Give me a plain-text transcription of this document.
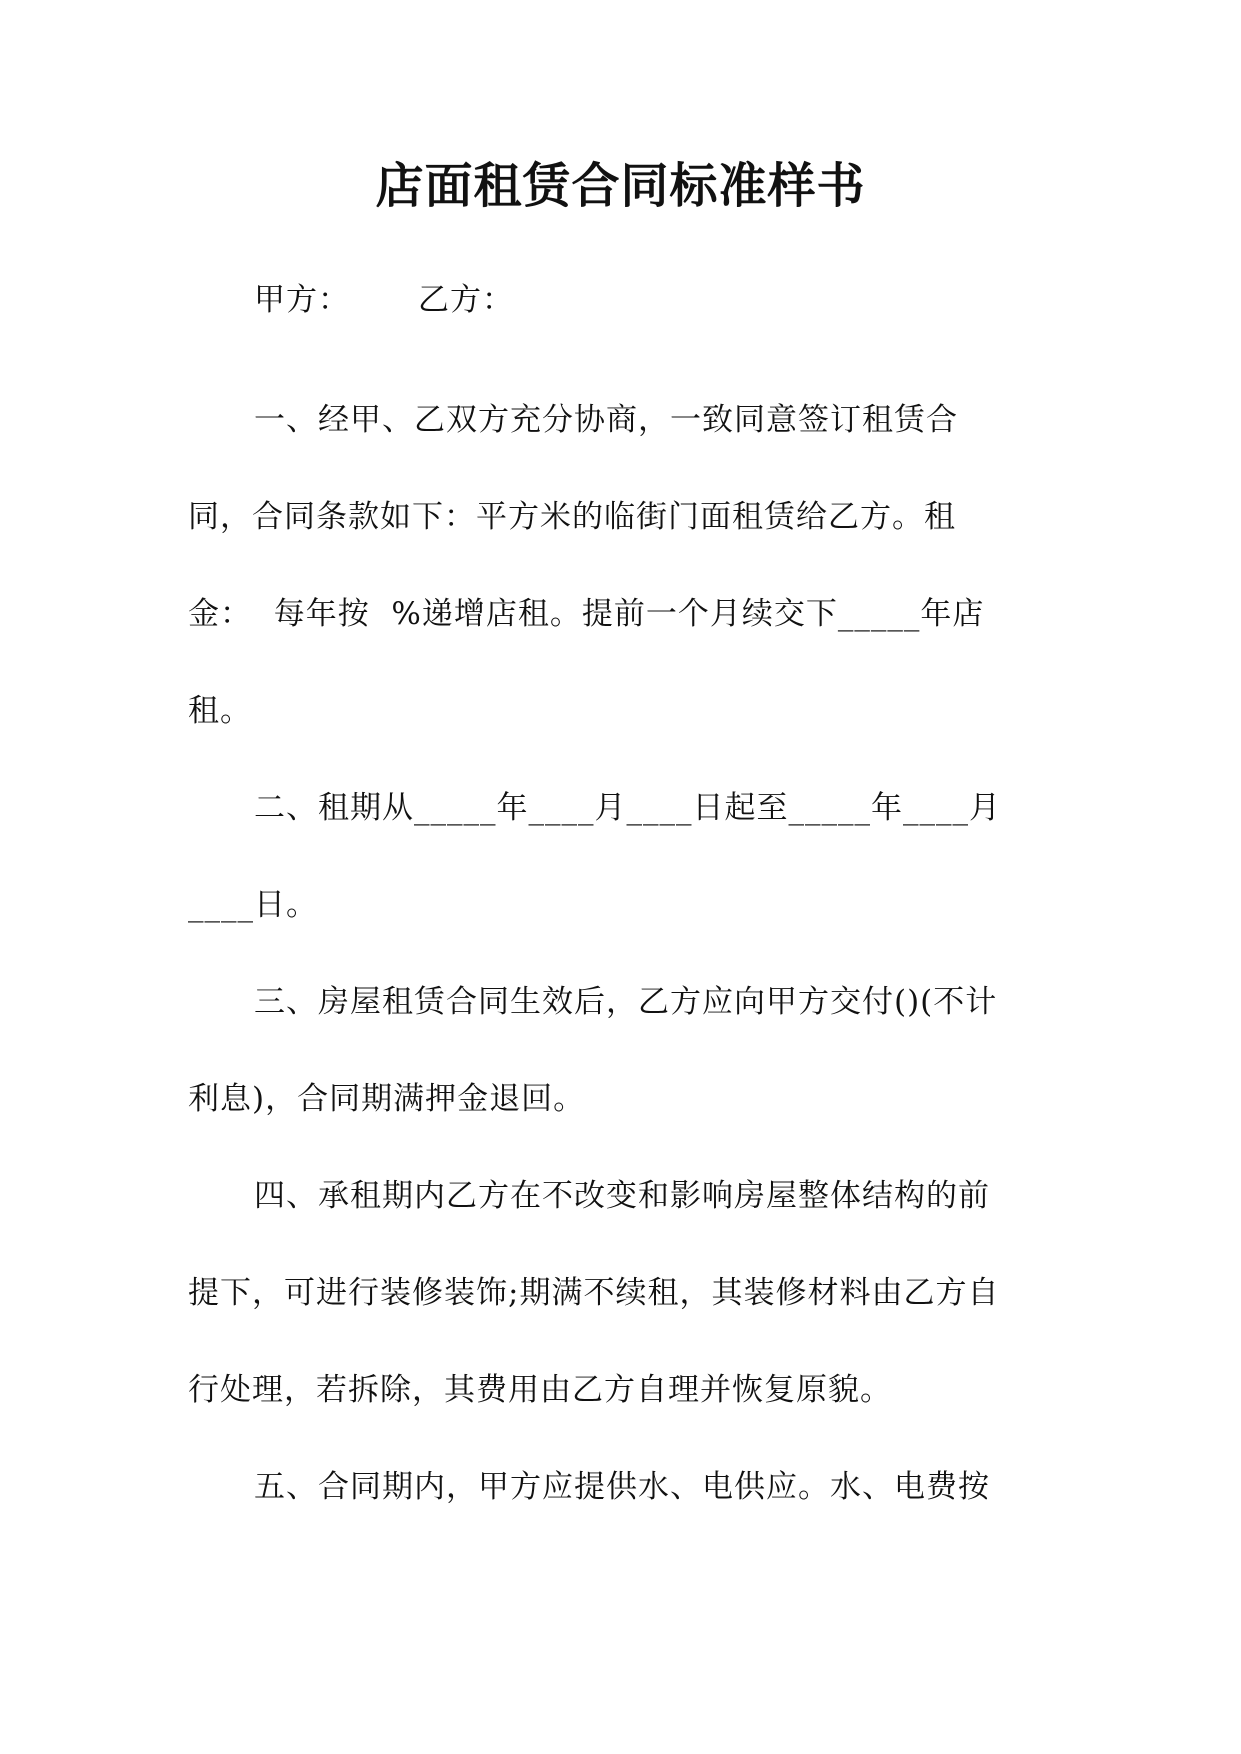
店面租赁合同标准样书
甲方： 乙方：
一、经甲、乙双方充分协商，一致同意签订租赁合
同，合同条款如下：平方米的临街门面租赁给乙方。租
金：  每年按  %递增店租。提前一个月续交下_____年店
租。
二、租期从_____年____月____日起至_____年____月
____日。
三、房屋租赁合同生效后，乙方应向甲方交付()(不计
利息)，合同期满押金退回。
四、承租期内乙方在不改变和影响房屋整体结构的前
提下，可进行装修装饰;期满不续租，其装修材料由乙方自
行处理，若拆除，其费用由乙方自理并恢复原貌。
五、合同期内，甲方应提供水、电供应。水、电费按
